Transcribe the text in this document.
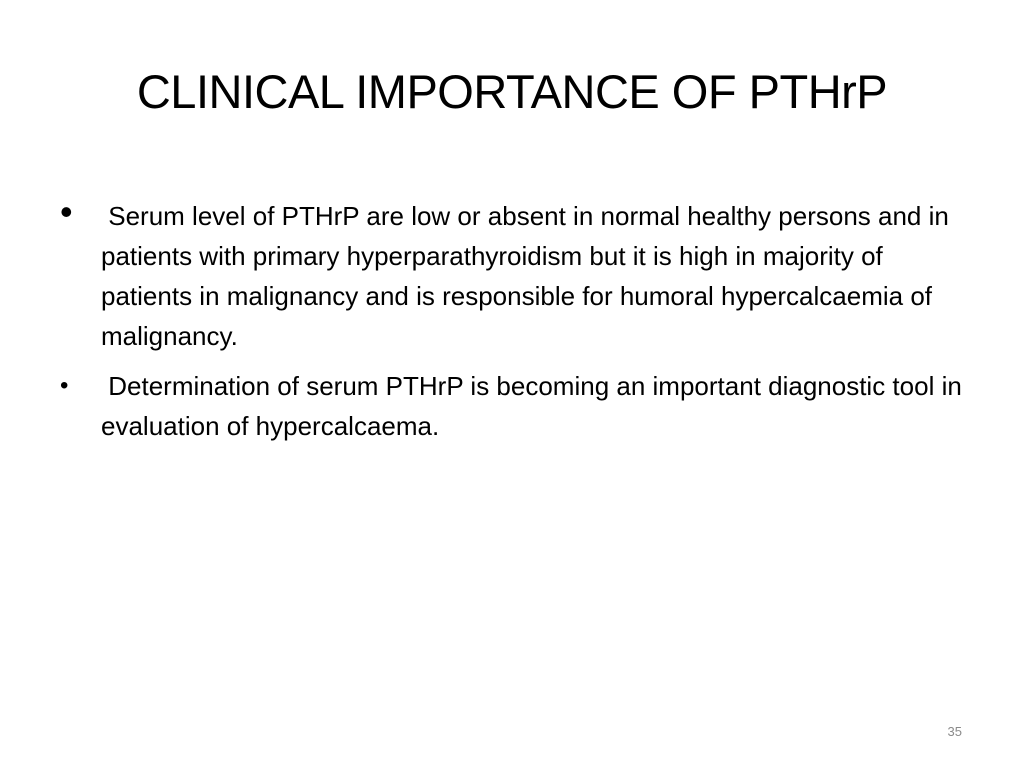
CLINICAL IMPORTANCE OF PTHrP
•	Serum level of PTHrP are low or absent in normal healthy persons and in patients with primary hyperparathyroidism but it is high in majority of patients in malignancy and is responsible for humoral hypercalcaemia of malignancy.
•	Determination of serum PTHrP is becoming an important diagnostic tool in evaluation of hypercalcaema.
35
